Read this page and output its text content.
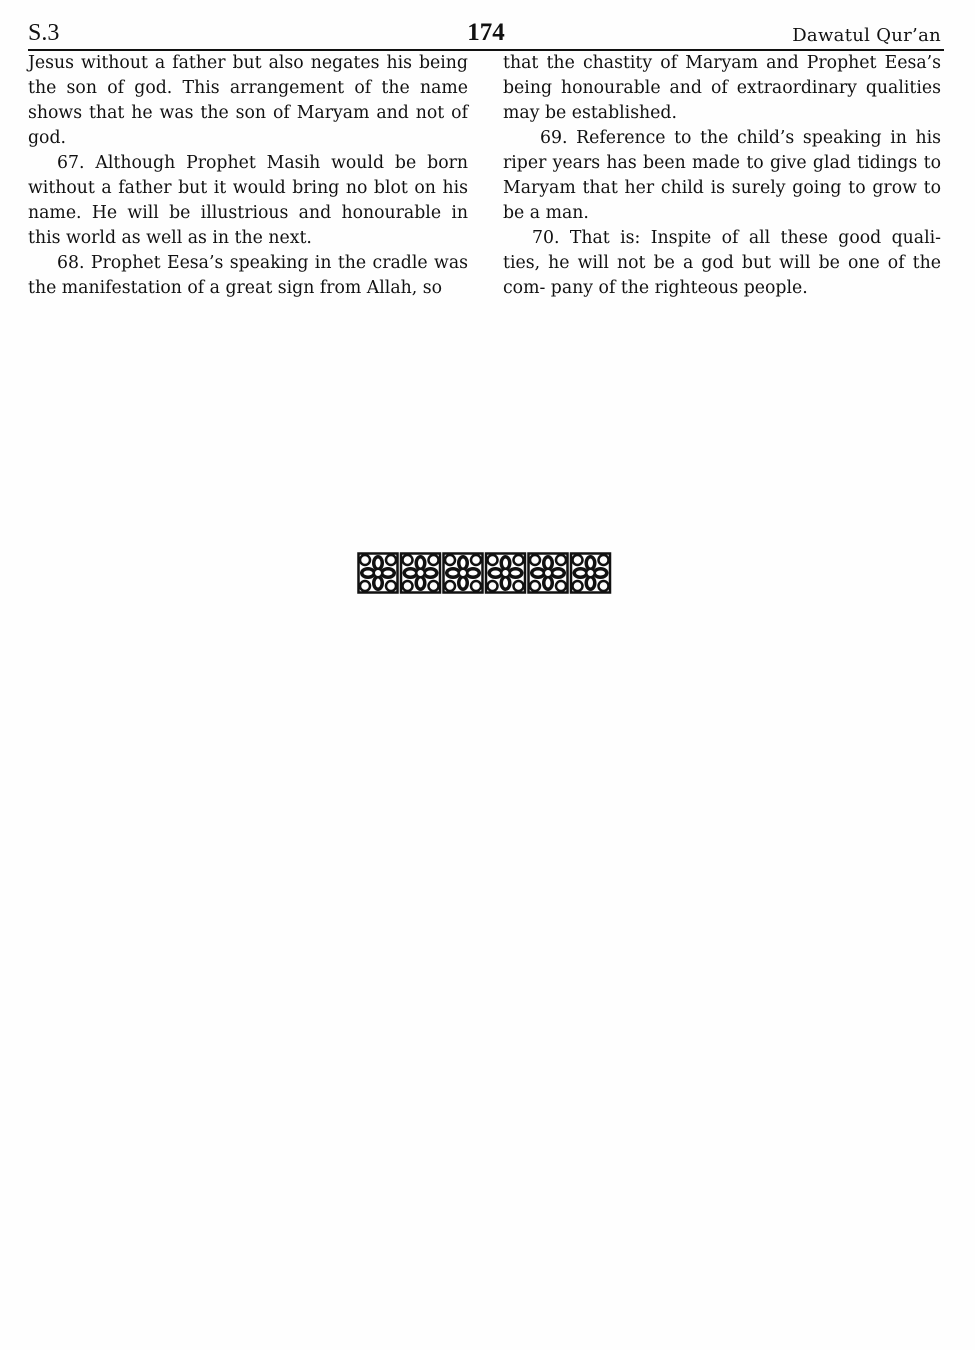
S.3	174	Dawatul Qur’an

Jesus without a father but also negates his being the son of god. This arrangement of the name shows that he was the son of Maryam and not of god.

67. Although Prophet Masih would be born without a father but it would bring no blot on his name. He will be illustrious and honourable in this world as well as in the next.

68. Prophet Eesa’s speaking in the cradle was the manifestation of a great sign from Allah, so

that the chastity of Maryam and Prophet Eesa’s being honourable and of extraordinary qualities may be established.

69. Reference to the child’s speaking in his riper years has been made to give glad tidings to Maryam that her child is surely going to grow to be a man.

70. That is: Inspite of all these good quali- ties, he will not be a god but will be one of the com- pany of the righteous people.
